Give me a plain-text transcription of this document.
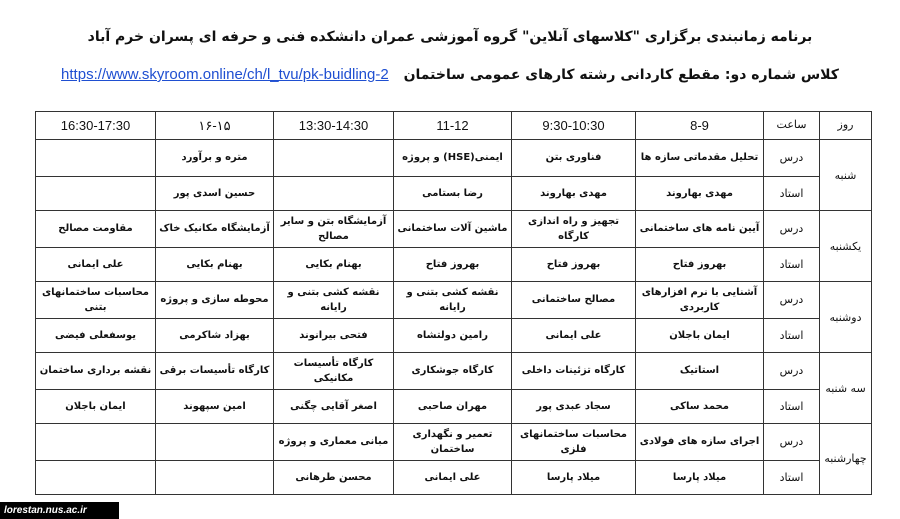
برنامه زمانبندی برگزاری "کلاسهای آنلاین" گروه آموزشی عمران دانشکده فنی و حرفه ای پسران خرم آباد
https://www.skyroom.online/ch/l_tvu/pk-buidling-2 کلاس شماره دو: مقطع کاردانی رشته کارهای عمومی ساختمان
روز	ساعت	8-9	9:30-10:30	11-12	13:30-14:30	۱۶-۱۵	16:30-17:30
شنبه	درس	تحلیل مقدماتی سازه ها	فناوری بتن	ایمنی(HSE) و پروژه		متره و برآورد	
	استاد	مهدی بهاروند	مهدی بهاروند	رضا بستامی		حسین اسدی پور	
یکشنبه	درس	آیین نامه های ساختمانی	تجهیز و راه اندازی کارگاه	ماشین آلات ساختمانی	آزمایشگاه بتن و سایر مصالح	آزمایشگاه مکانیک خاک	مقاومت مصالح
	استاد	بهروز فتاح	بهروز فتاح	بهروز فتاح	بهنام بکایی	بهنام بکایی	علی ایمانی
دوشنبه	درس	آشنایی با نرم افزارهای کاربردی	مصالح ساختمانی	نقشه کشی بتنی و رایانه	نقشه کشی بتنی و رایانه	محوطه سازی و پروژه	محاسبات ساختمانهای بتنی
	استاد	ایمان باجلان	علی ایمانی	رامین دولتشاه	فتحی بیرانوند	بهزاد شاکرمی	یوسفعلی فیضی
سه شنبه	درس	استاتیک	کارگاه تزئینات داخلی	کارگاه جوشکاری	کارگاه تأسیسات مکانیکی	کارگاه تأسیسات برقی	نقشه برداری ساختمان
	استاد	محمد ساکی	سجاد عبدی پور	مهران صاحبی	اصغر آقایی چگنی	امین سپهوند	ایمان باجلان
چهارشنبه	درس	اجرای سازه های فولادی	محاسبات ساختمانهای فلزی	تعمیر و نگهداری ساختمان	مبانی معماری و پروژه		
	استاد	میلاد پارسا	میلاد پارسا	علی ایمانی	محسن طرهانی		
lorestan.nus.ac.ir
